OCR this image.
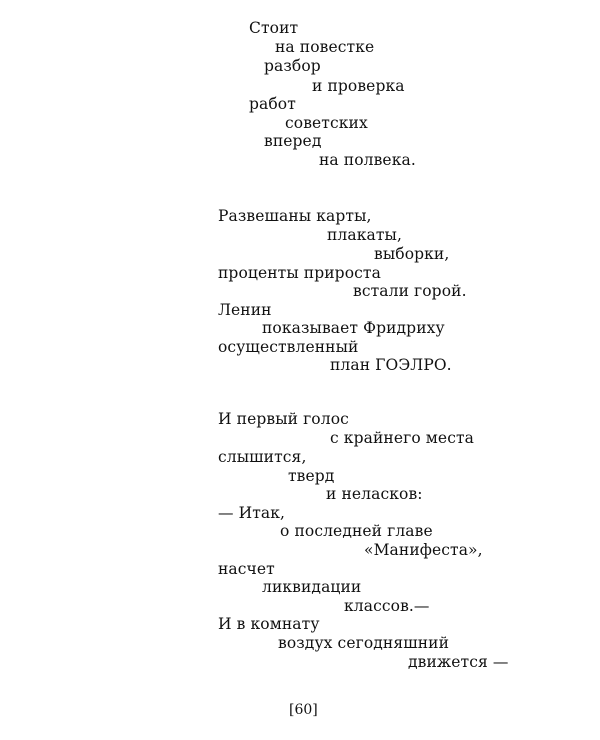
Стоит
на повестке
разбор
и проверка
работ
советских
вперед
на полвека.
Развешаны карты,
плакаты,
выборки,
проценты прироста
встали горой.
Ленин
показывает Фридриху
осуществленный
план ГОЭЛРО.
И первый голос
с крайнего места
слышится,
тверд
и неласков:
— Итак,
о последней главе
«Манифеста»,
насчет
ликвидации
классов.—
И в комнату
воздух сегодняшний
движется —
[60]
